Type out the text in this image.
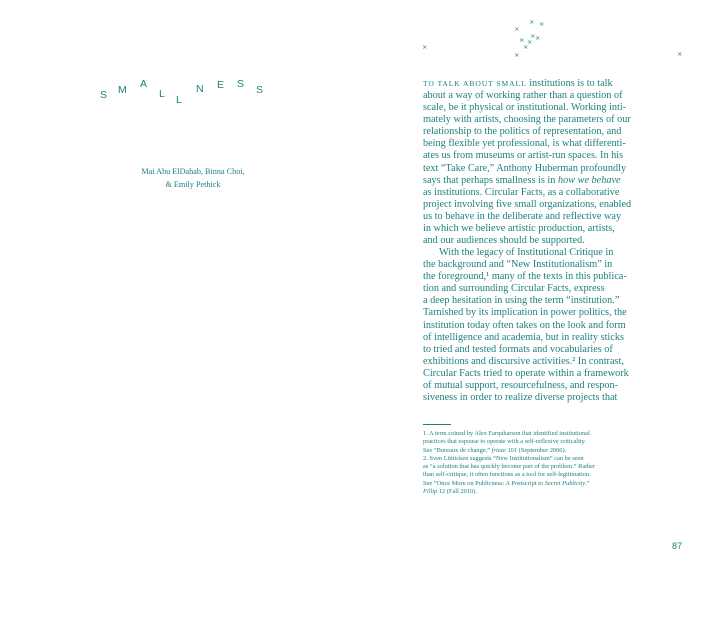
× ×
×
× ×
× ×
×
×
×	×
S M A
L L
N E S S
Mai Abu ElDahab, Binna Choi,
& Emily Pethick
TO TALK ABOUT SMALL institutions is to talk
about a way of working rather than a question of
scale, be it physical or institutional. Working inti-
mately with artists, choosing the parameters of our
relationship to the politics of representation, and
being flexible yet professional, is what differenti-
ates us from museums or artist-run spaces. In his
text “Take Care,” Anthony Huberman profoundly
says that perhaps smallness is in how we behave
as institutions. Circular Facts, as a collaborative
project involving five small organizations, enabled
us to behave in the deliberate and reflective way
in which we believe artistic production, artists,
and our audiences should be supported.
With the legacy of Institutional Critique in
the background and “New Institutionalism” in
the foreground,¹ many of the texts in this publica-
tion and surrounding Circular Facts, express
a deep hesitation in using the term “institution.”
Tarnished by its implication in power politics, the
institution today often takes on the look and form
of intelligence and academia, but in reality sticks
to tried and tested formats and vocabularies of
exhibitions and discursive activities.² In contrast,
Circular Facts tried to operate within a framework
of mutual support, resourcefulness, and respon-
siveness in order to realize diverse projects that
1. A term coined by Alex Farquharson that identified institutional
practices that espouse to operate with a self-reflexive criticality.
See “Bureaux de change,” frieze 101 (September 2006).
2. Sven Lütticken suggests “New Institutionalism” can be seen
as “a solution that has quickly become part of the problem.” Rather
than self-critique, it often functions as a tool for self-legitimation.
See “Once More on Publicness: A Postscript to Secret Publicity.”
Fillip 12 (Fall 2010).
87
